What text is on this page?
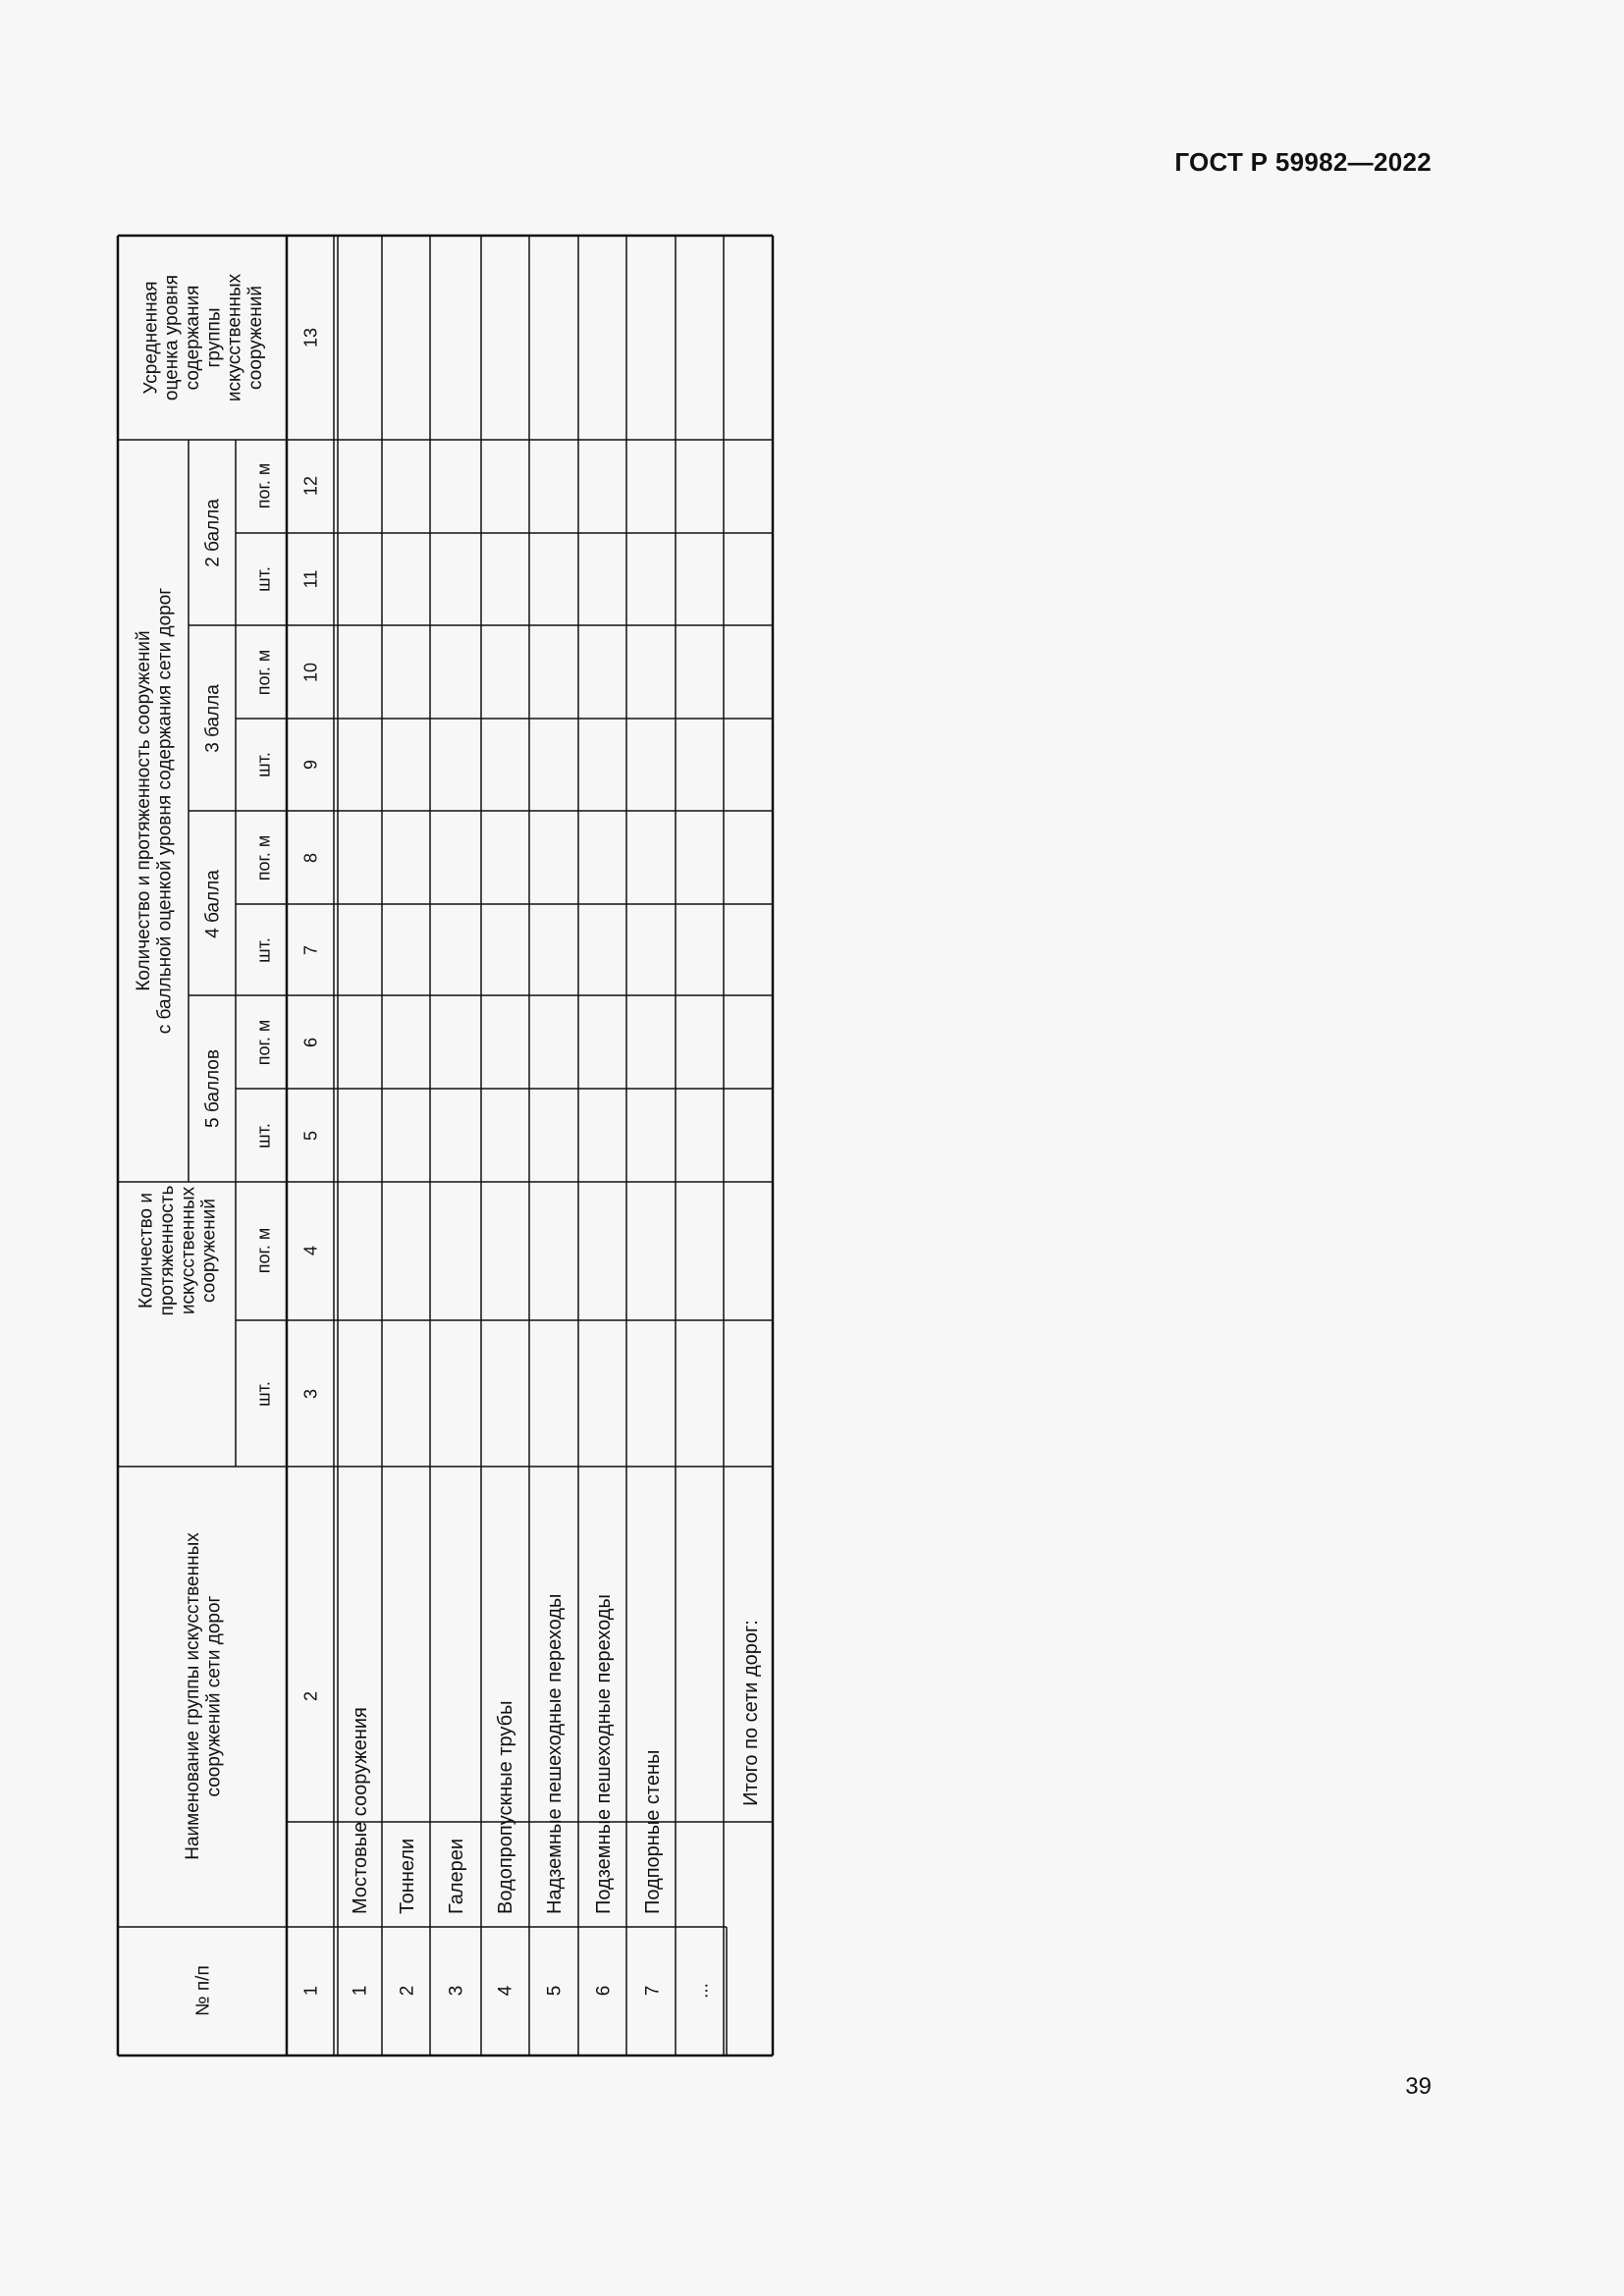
ГОСТ Р 59982—2022
Усредненнаяоценка уровнясодержаниягруппыискусственныхсооружений
Количество и протяженность сооруженийс балльной оценкой уровня содержания сети дорог
2 балла
3 балла
4 балла
5 баллов
шт.
пог. м
шт.
пог. м
шт.
пог. м
шт.
пог. м
Количество ипротяженностьискусственныхсооружений пог. м
шт.
Наименование группы искусственныхсооружений сети дорог
№ п/п	1
2
3
4
5
6
7
8
9
10
11
12
13
1
Мостовые сооружения
2
Тоннели
3
Галереи
4
Водопропускные трубы
5
Надземные пешеходные переходы
6
Подземные пешеходные переходы
7
Подпорные стены
...
Итого по сети дорог:
39
